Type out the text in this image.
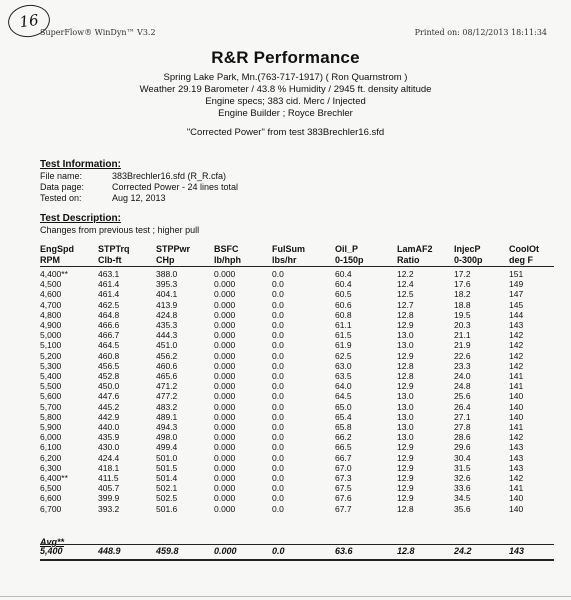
16
SuperFlow® WinDyn™ V3.2	Printed on: 08/12/2013 18:11:34
R&R Performance
Spring Lake Park, Mn.(763-717-1917) ( Ron Quarnstrom )
Weather 29.19 Barometer / 43.8 % Humidity / 2945 ft. density altitude
Engine specs; 383 cid. Merc / Injected
Engine Builder ; Royce Brechler
"Corrected Power" from test 383Brechler16.sfd
Test Information:
File name:	383Brechler16.sfd (R_R.cfa)
Data page:	Corrected Power - 24 lines total
Tested on:	Aug 12, 2013
Test Description:
Changes from previous test ; higher pull
EngSpd	STPTrq	STPPwr	BSFC	FulSum	Oil_P	LamAF2	InjecP	CoolOt
RPM	Clb-ft	CHp	lb/hph	lbs/hr	0-150p	Ratio	0-300p	deg F
4,400**	463.1	388.0	0.000	0.0	60.4	12.2	17.2	151
4,500	461.4	395.3	0.000	0.0	60.4	12.4	17.6	149
4,600	461.4	404.1	0.000	0.0	60.5	12.5	18.2	147
4,700	462.5	413.9	0.000	0.0	60.6	12.7	18.8	145
4,800	464.8	424.8	0.000	0.0	60.8	12.8	19.5	144
4,900	466.6	435.3	0.000	0.0	61.1	12.9	20.3	143
5,000	466.7	444.3	0.000	0.0	61.5	13.0	21.1	142
5,100	464.5	451.0	0.000	0.0	61.9	13.0	21.9	142
5,200	460.8	456.2	0.000	0.0	62.5	12.9	22.6	142
5,300	456.5	460.6	0.000	0.0	63.0	12.8	23.3	142
5,400	452.8	465.6	0.000	0.0	63.5	12.8	24.0	141
5,500	450.0	471.2	0.000	0.0	64.0	12.9	24.8	141
5,600	447.6	477.2	0.000	0.0	64.5	13.0	25.6	140
5,700	445.2	483.2	0.000	0.0	65.0	13.0	26.4	140
5,800	442.9	489.1	0.000	0.0	65.4	13.0	27.1	140
5,900	440.0	494.3	0.000	0.0	65.8	13.0	27.8	141
6,000	435.9	498.0	0.000	0.0	66.2	13.0	28.6	142
6,100	430.0	499.4	0.000	0.0	66.5	12.9	29.6	143
6,200	424.4	501.0	0.000	0.0	66.7	12.9	30.4	143
6,300	418.1	501.5	0.000	0.0	67.0	12.9	31.5	143
6,400**	411.5	501.4	0.000	0.0	67.3	12.9	32.6	142
6,500	405.7	502.1	0.000	0.0	67.5	12.9	33.6	141
6,600	399.9	502.5	0.000	0.0	67.6	12.9	34.5	140
6,700	393.2	501.6	0.000	0.0	67.7	12.8	35.6	140
Avg**
5,400	448.9	459.8	0.000	0.0	63.6	12.8	24.2	143
